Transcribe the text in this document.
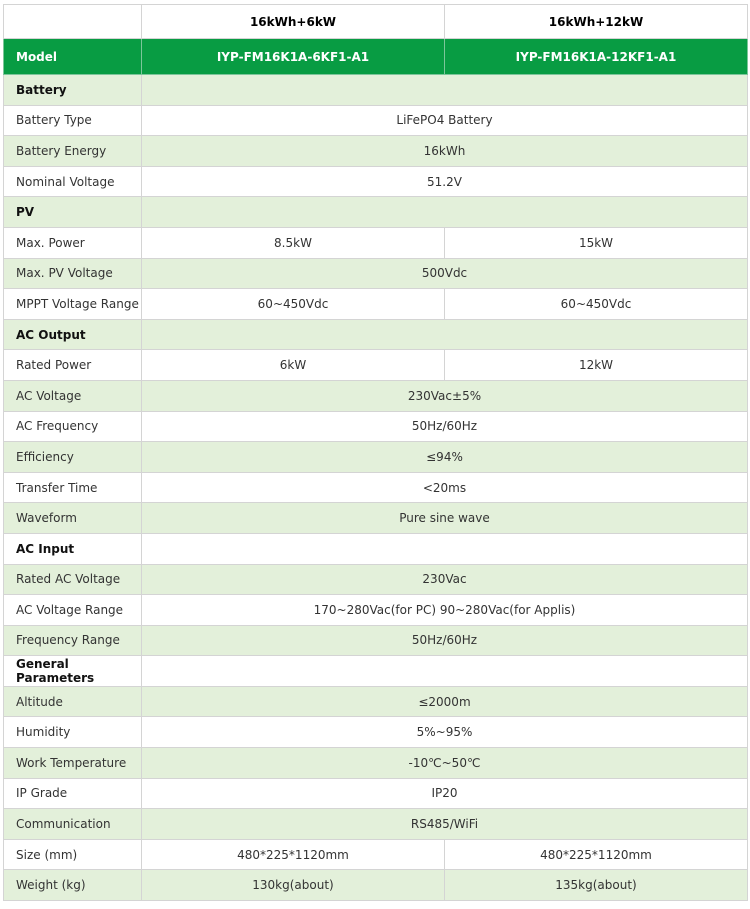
	16kWh+6kW	16kWh+12kW
Model	IYP-FM16K1A-6KF1-A1	IYP-FM16K1A-12KF1-A1
Battery		
Battery Type	LiFePO4 Battery	
Battery Energy	16kWh	
Nominal Voltage	51.2V	
PV		
Max. Power	8.5kW	15kW
Max. PV Voltage	500Vdc	
MPPT Voltage Range	60~450Vdc	60~450Vdc
AC Output		
Rated Power	6kW	12kW
AC Voltage	230Vac±5%	
AC Frequency	50Hz/60Hz	
Efficiency	≤94%	
Transfer Time	<20ms	
Waveform	Pure sine wave	
AC Input		
Rated AC Voltage	230Vac	
AC Voltage Range	170~280Vac(for PC) 90~280Vac(for Applis)	
Frequency Range	50Hz/60Hz	
General Parameters		
Altitude	≤2000m	
Humidity	5%~95%	
Work Temperature	-10℃~50℃	
IP Grade	IP20	
Communication	RS485/WiFi	
Size (mm)	480*225*1120mm	480*225*1120mm
Weight (kg)	130kg(about)	135kg(about)
